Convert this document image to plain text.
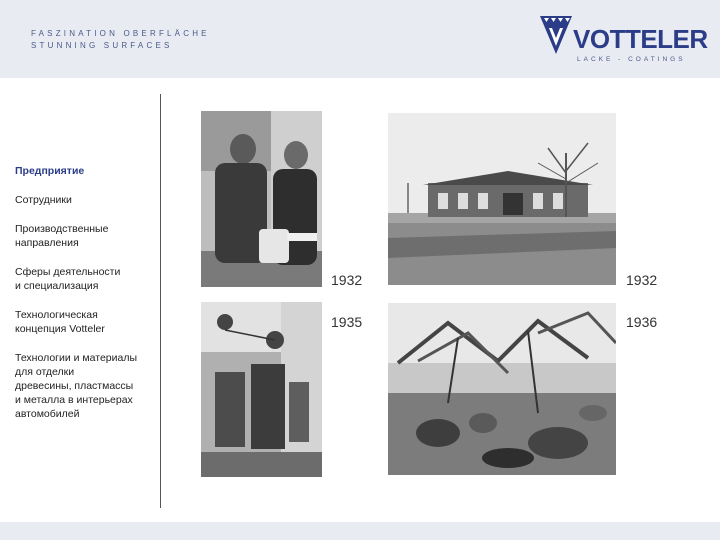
FASZINATION OBERFLÄCHE
STUNNING SURFACES	VOTTELER
LACKE - COATINGS
Предприятие
Сотрудники
Производственные
направления
Сферы деятельности
и специализация
Технологическая
концепция Votteler
Технологии и материалы
для отделки
древесины, пластмассы
и металла в интерьерах
автомобилей
1932	1932
1935	1936
